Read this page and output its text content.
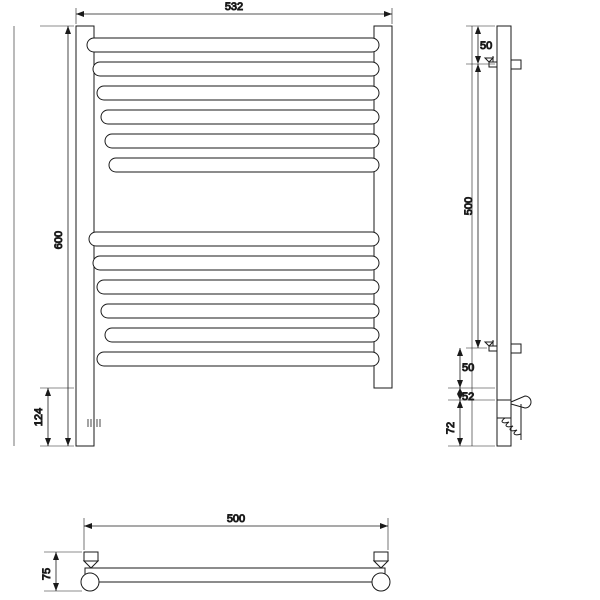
532
600
124
50
500
50
52
72
500
75
